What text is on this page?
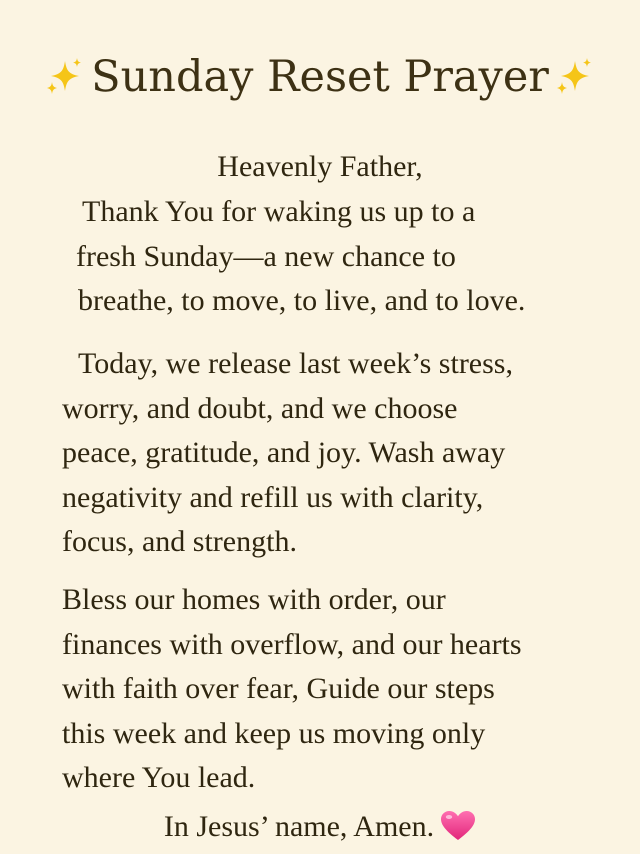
Sunday Reset Prayer
Heavenly Father,
Thank You for waking us up to a
fresh Sunday—a new chance to
breathe, to move, to live, and to love.
Today, we release last week’s stress,
worry, and doubt, and we choose
peace, gratitude, and joy. Wash away
negativity and refill us with clarity,
focus, and strength.
Bless our homes with order, our
finances with overflow, and our hearts
with faith over fear, Guide our steps
this week and keep us moving only
where You lead.
In Jesus’ name, Amen.
